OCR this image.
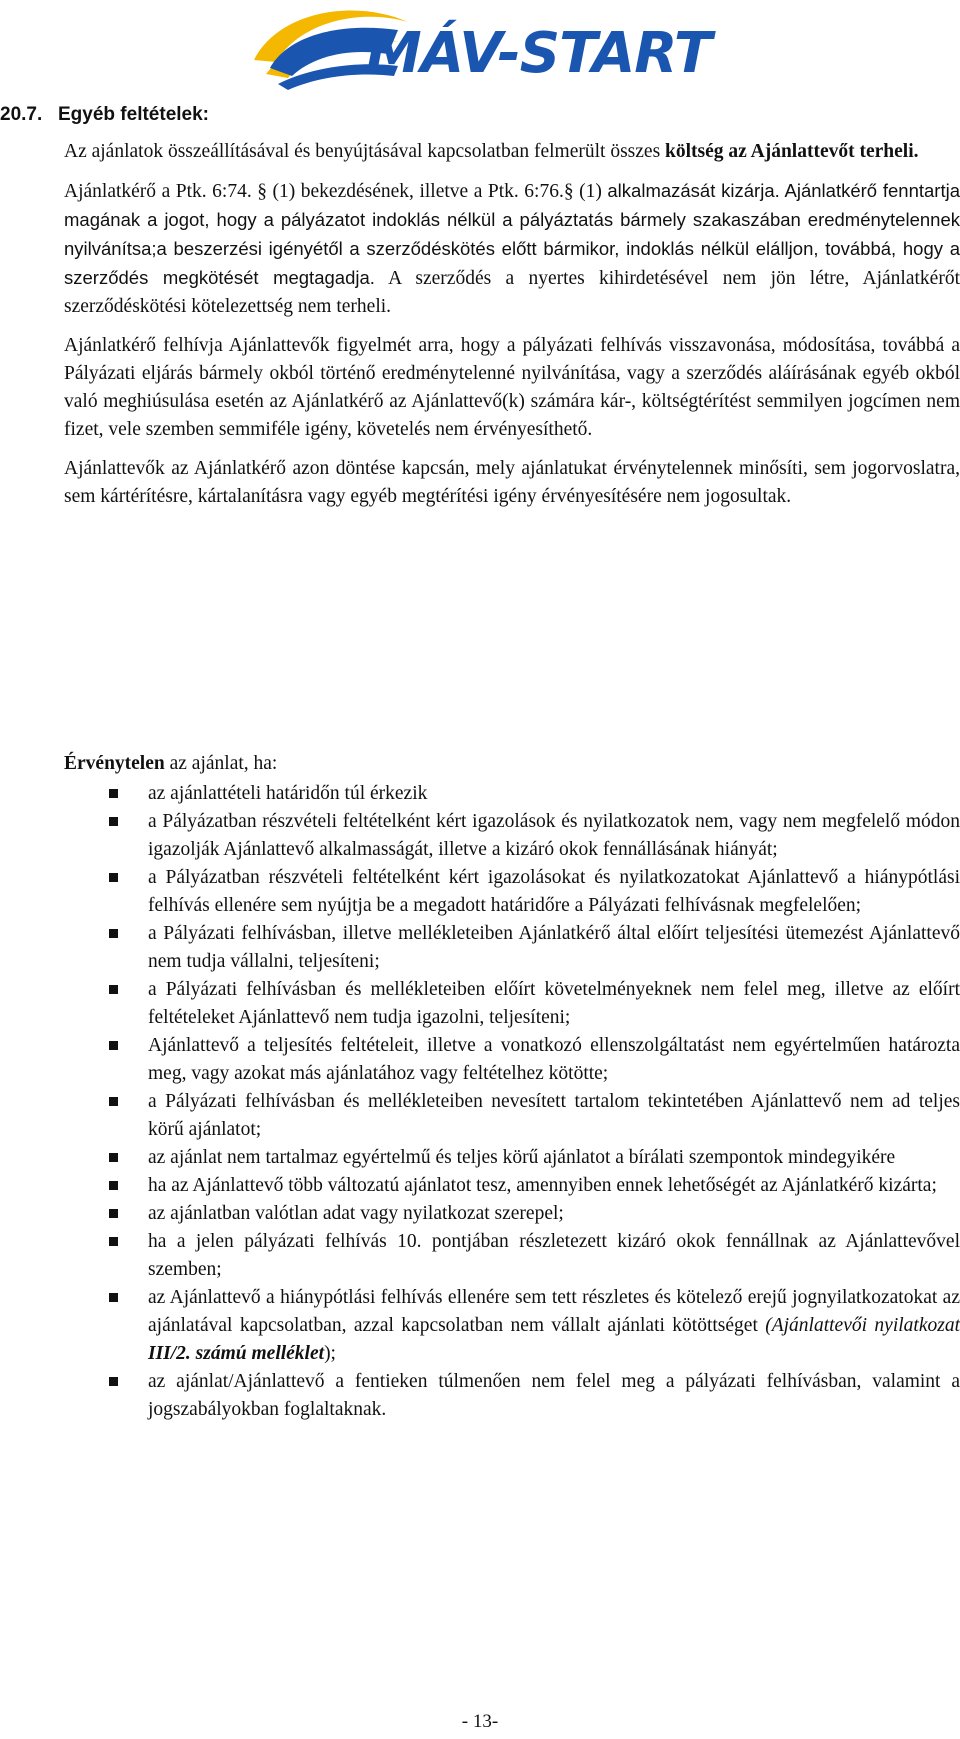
MÁV-START
20.7. Egyéb feltételek:

Az ajánlatok összeállításával és benyújtásával kapcsolatban felmerült összes költség az Ajánlattevőt terheli.

Ajánlatkérő a Ptk. 6:74. § (1) bekezdésének, illetve a Ptk. 6:76.§ (1) alkalmazását kizárja. Ajánlatkérő fenntartja magának a jogot, hogy a pályázatot indoklás nélkül a pályáztatás bármely szakaszában eredménytelennek nyilvánítsa;a beszerzési igényétől a szerződéskötés előtt bármikor, indoklás nélkül elálljon, továbbá, hogy a szerződés megkötését megtagadja. A szerződés a nyertes kihirdetésével nem jön létre, Ajánlatkérőt szerződéskötési kötelezettség nem terheli.

Ajánlatkérő felhívja Ajánlattevők figyelmét arra, hogy a pályázati felhívás visszavonása, módosítása, továbbá a Pályázati eljárás bármely okból történő eredménytelenné nyilvánítása, vagy a szerződés aláírásának egyéb okból való meghiúsulása esetén az Ajánlatkérő az Ajánlattevő(k) számára kár-, költségtérítést semmilyen jogcímen nem fizet, vele szemben semmiféle igény, követelés nem érvényesíthető.

Ajánlattevők az Ajánlatkérő azon döntése kapcsán, mely ajánlatukat érvénytelennek minősíti, sem jogorvoslatra, sem kártérítésre, kártalanításra vagy egyéb megtérítési igény érvényesítésére nem jogosultak.

Érvénytelen az ajánlat, ha:

az ajánlattételi határidőn túl érkezik
a Pályázatban részvételi feltételként kért igazolások és nyilatkozatok nem, vagy nem megfelelő módon igazolják Ajánlattevő alkalmasságát, illetve a kizáró okok fennállásának hiányát;
a Pályázatban részvételi feltételként kért igazolásokat és nyilatkozatokat Ajánlattevő a hiánypótlási felhívás ellenére sem nyújtja be a megadott határidőre a Pályázati felhívásnak megfelelően;
a Pályázati felhívásban, illetve mellékleteiben Ajánlatkérő által előírt teljesítési ütemezést Ajánlattevő nem tudja vállalni, teljesíteni;
a Pályázati felhívásban és mellékleteiben előírt követelményeknek nem felel meg, illetve az előírt feltételeket Ajánlattevő nem tudja igazolni, teljesíteni;
Ajánlattevő a teljesítés feltételeit, illetve a vonatkozó ellenszolgáltatást nem egyértelműen határozta meg, vagy azokat más ajánlatához vagy feltételhez kötötte;
a Pályázati felhívásban és mellékleteiben nevesített tartalom tekintetében Ajánlattevő nem ad teljes körű ajánlatot;
az ajánlat nem tartalmaz egyértelmű és teljes körű ajánlatot a bírálati szempontok mindegyikére
ha az Ajánlattevő több változatú ajánlatot tesz, amennyiben ennek lehetőségét az Ajánlatkérő kizárta;
az ajánlatban valótlan adat vagy nyilatkozat szerepel;
ha a jelen pályázati felhívás 10. pontjában részletezett kizáró okok fennállnak az Ajánlattevővel szemben;
az Ajánlattevő a hiánypótlási felhívás ellenére sem tett részletes és kötelező erejű jognyilatkozatokat az ajánlatával kapcsolatban, azzal kapcsolatban nem vállalt ajánlati kötöttséget (Ajánlattevői nyilatkozat III/2. számú melléklet);
az ajánlat/Ajánlattevő a fentieken túlmenően nem felel meg a pályázati felhívásban, valamint a jogszabályokban foglaltaknak.
- 13-
